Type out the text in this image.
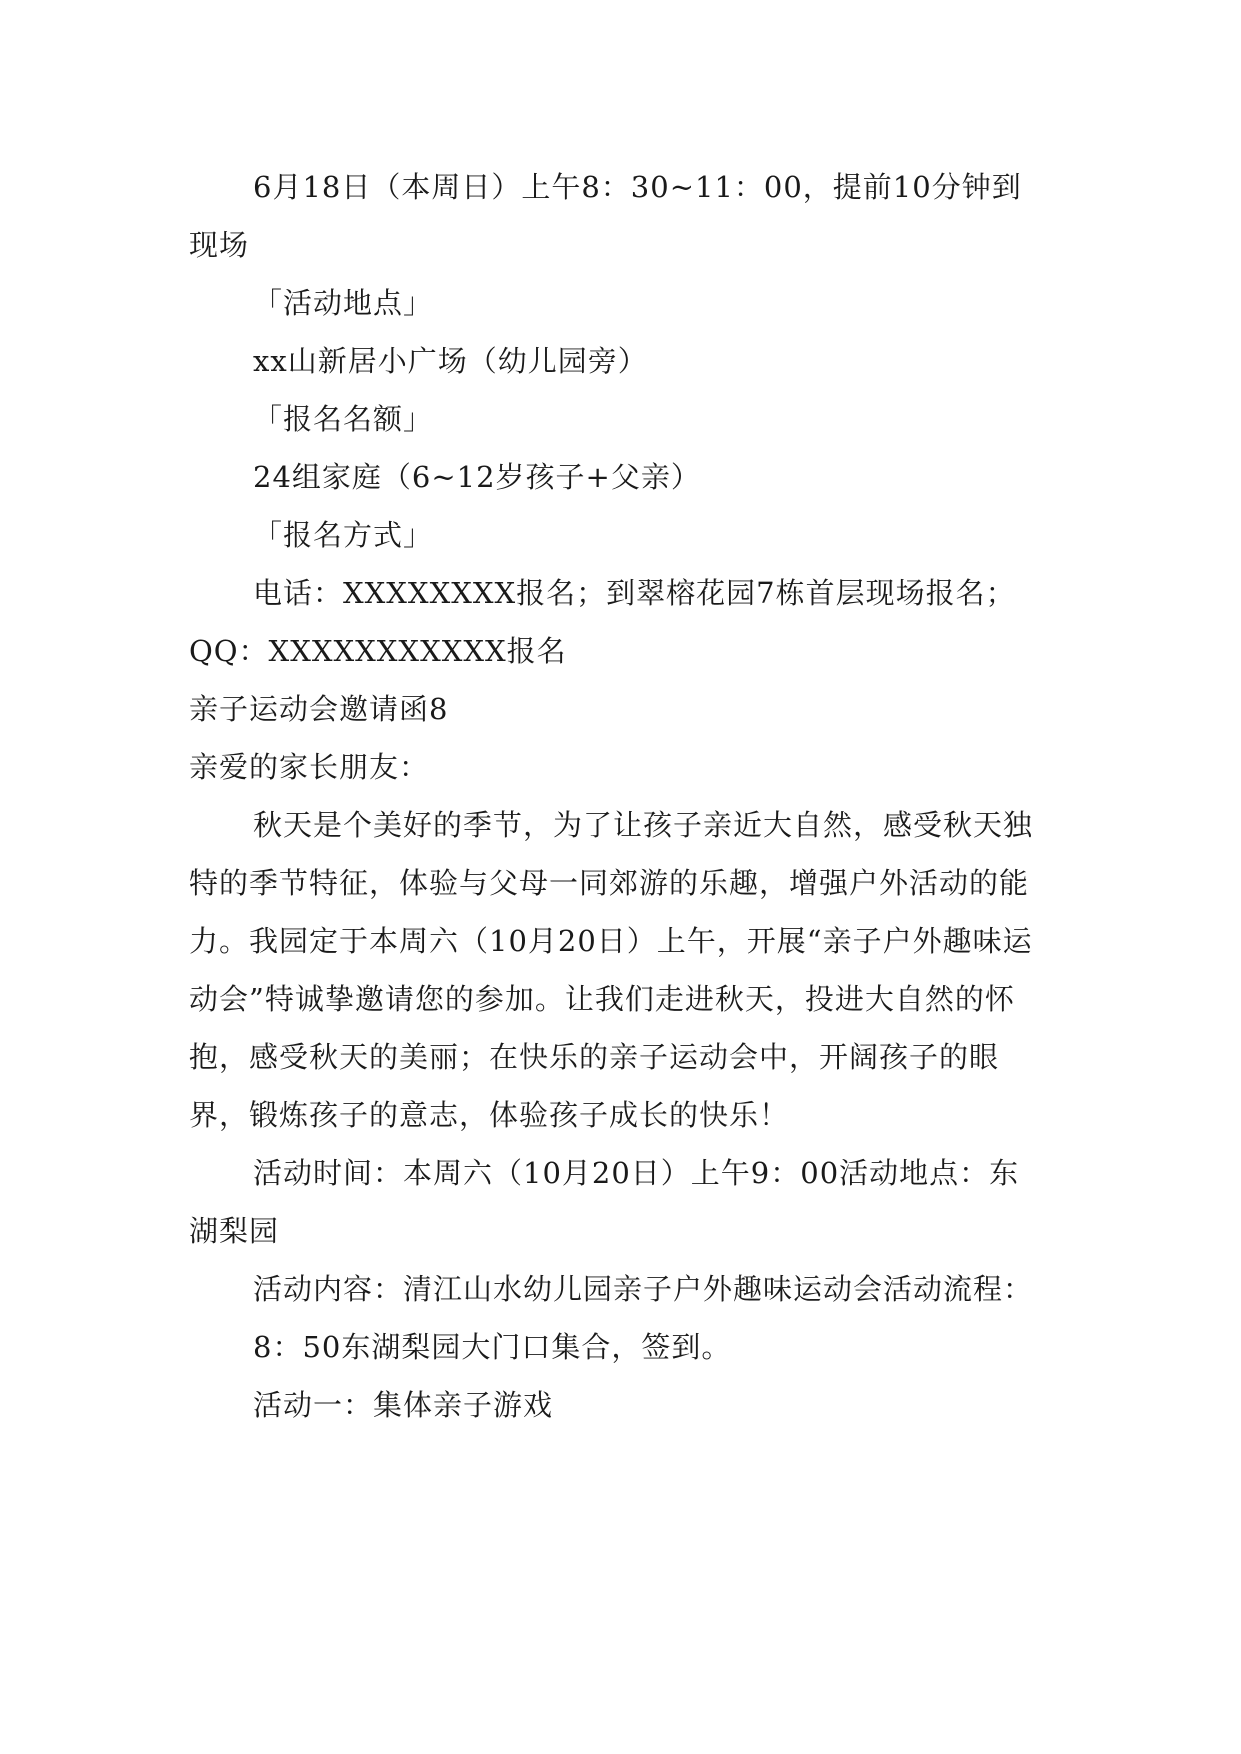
6月18日（本周日）上午8：30~11：00，提前10分钟到现场

「活动地点」

xx山新居小广场（幼儿园旁）

「报名名额」

24组家庭（6~12岁孩子+父亲）

「报名方式」

电话：XXXXXXXX报名；到翠榕花园7栋首层现场报名；QQ：XXXXXXXXXXX报名

亲子运动会邀请函8

亲爱的家长朋友：

秋天是个美好的季节，为了让孩子亲近大自然，感受秋天独特的季节特征，体验与父母一同郊游的乐趣，增强户外活动的能力。我园定于本周六（10月20日）上午，开展“亲子户外趣味运动会”特诚挚邀请您的参加。让我们走进秋天，投进大自然的怀抱，感受秋天的美丽；在快乐的亲子运动会中，开阔孩子的眼界，锻炼孩子的意志，体验孩子成长的快乐！

活动时间：本周六（10月20日）上午9：00活动地点：东湖梨园

活动内容：清江山水幼儿园亲子户外趣味运动会活动流程：

8：50东湖梨园大门口集合，签到。

活动一：集体亲子游戏
